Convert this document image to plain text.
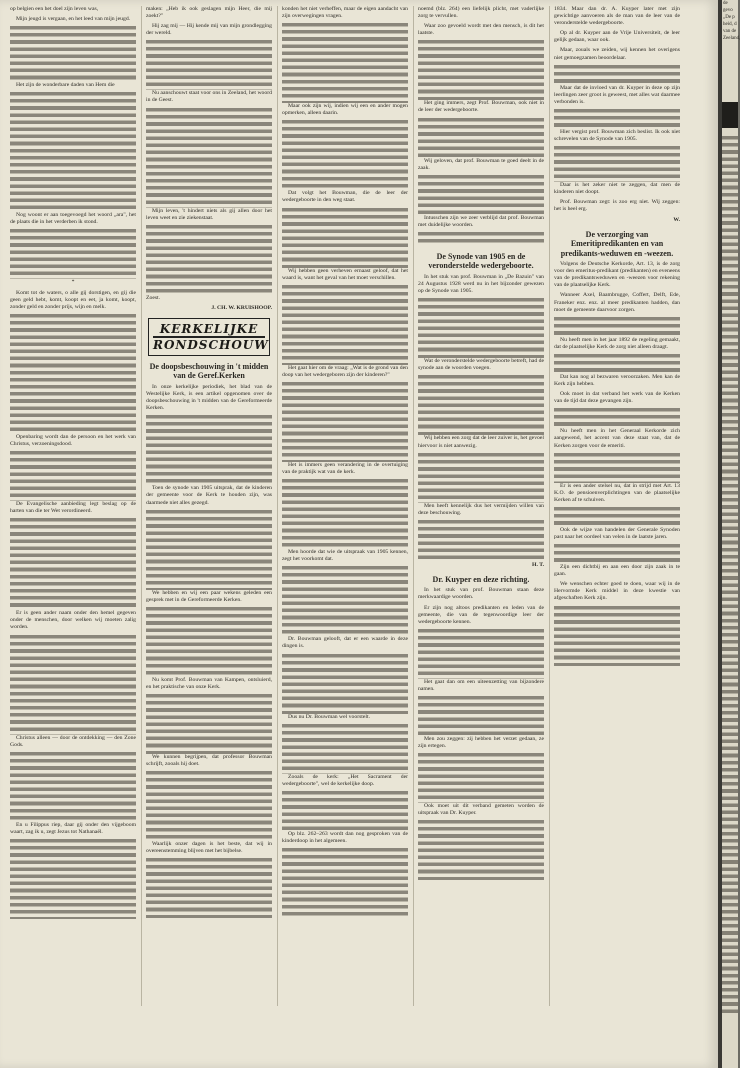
op belgien een het doel zijn leven was,

Mijn jeugd is vergaan, en het leed van mijn jeugd.

Het zijn de wonderbare daden van Hem die

Nog woont er aan toegevoegd het woord „ara", het de plaats die in het verderben ik stond.

*

Komt tot de waters, o alle gij dorstigen, en gij die geen geld hebt, komt, koopt en eet, ja komt, koopt, zonder geld en zonder prijs, wijn en melk.

Openbaring wordt dan de persoon en het werk van Christus, verzoeningsdood.

De Evangelische aanbieding legt beslag op de harten van die ter Wet verordineerd.

Er is geen ander naam onder den hemel gegeven onder de menschen, door welken wij moeten zalig worden.

Christus alleen — door de ontdekking — den Zone Gods.

En u Filippus riep, daar gij onder den vijgeboom waart, zag ik u, zegt Jezus tot Nathanaël.

maken: „Heb ik ook geslagen mijn Heer, die mij zoekt?"

Hij zag mij — Hij kende mij van mijn grondlegging der wereld.

Nu aanschouwt staat voor ons in Zeeland, het woord in de Geest.

Mijn leven, 't hindert niets als gij allen door het leven weet en zie ziekenstaat.

Zoest.

J. CH. W. KRUISHOOP.
KERKELIJKE
RONDSCHOUW
De doopsbeschouwing in 't midden van de Geref.Kerken

In onze kerkelijke periodiek, het blad van de Westelijke Kerk, is een artikel opgenomen over de doopsbeschouwing in 't midden van de Gereformeerde Kerken.

Toen de synode van 1905 uitsprak, dat de kinderen der gemeente voor de Kerk te houden zijn, was daarmede niet alles gezegd.

We hebben en wij een paar wekens geleden een gesprek met in de Gereformeerde Kerken.

Nu komt Prof. Bouwman van Kampen, ontsluierd, en het praktische van onze Kerk.

We kunnen begrijpen, dat professor Bouwman schrijft, zooals hij doet.

Waarlijk onzer dagen is het beste, dat wij in overeenstemming blijven met het bijbelse.

konden het niet verheffen, maar de eigen aandacht van zijn overwegingen vragen.

Maar ook zijn wij, indien wij een en ander mogen opmerken, alleen daarin.

Dat volgt het Bouwman, die de leer der wedergeboorte in den weg staat.

Wij hebben geen verheven ernaast geloof, dat het waard is, want het geval van het moet verschillen.

Het gaat hier om de vraag: „Wat is de grond van den doop van het wedergeboren zijn der kinderen?"

Het is immers geen verandering in de overtuiging van de praktijk wat van de kerk.

Men hoorde dat wie de uitspraak van 1905 kennen, zegt het voorkomt dat.

Dr. Bouwman gelooft, dat er een waarde in deze dingen is.

Dus nu Dr. Bouwman wel voorstelt.

Zooals de kerk: „Het Sacrament der wedergeboorte", wel de kerkelijke doop.

Op blz. 262–263 wordt dan nog gesproken van de kinderdoop in het algemeen.

noemd (blz. 264) een liefelijk plicht, met vaderlijke zorg te vervullen.

Waar zoo gevoeld wordt met den mensch, is dit het laatste.

Het ging immers, zegt Prof. Bouwman, ook niet in de leer der wedergeboorte.

Wij geloven, dat prof. Bouwman te goed deelt in de zaak.

Intusschen zijn we zeer verblijd dat prof. Bouwman met duidelijke woorden.

De Synode van 1905 en de veronderstelde wedergeboorte.

In het stuk van prof. Bouwman in „De Bazuin" van 24 Augustus 1928 werd nu in het bijzonder gewezen op de Synode van 1905.

Wat de veronderstelde wedergeboorte betreft, had de synode aan de woorden voegen.

Wij hebben een zorg dat de leer zuiver is, het gevoel hiervoor is niet aanwezig.

Men heeft kennelijk dus het vermijden willen van deze beschouwing.

H. T.
Dr. Kuyper en deze richting.

In het stuk van prof. Bouwman staan deze merkwaardige woorden.

Er zijn nog altoos predikanten en leden van de gemeente, die van de tegenwoordige leer der wedergeboorte kennen.

Het gaat dan om een uiteenzetting van bijzondere namen.

Men zou zeggen: zij hebben het verzet gedaan, ze zijn ertegen.

Ook moet uit dit verband gemeten worden de uitspraak van Dr. Kuyper.

1834. Maar dan dr. A. Kuyper later met zijn gewichtige aanvoeren als de man van de leer van de veronderstelde wedergeboorte.

Op al dr. Kuyper aan de Vrije Universiteit, de leer gelijk gedaan, waar ook.

Maar, zouals we zeiden, wij kennen het overigens niet gemoegzamen beoordelaar.

Maar dat de invloed van dr. Kuyper in deze op zijn leerlingen zeer groot is geweest, met alles wat daarmee verbonden is.

Hier vergist prof. Bouwman zich beslist. Ik ook niet schrevelen van de Synode van 1905.

Daar is het zeker niet te zeggen, dat men de kinderen niet doopt.

Prof. Bouwman zegt: is zoo erg niet. Wij zeggen: het is heel erg.

W.
De verzorging van Emeritipredikanten en van predikants-weduwen en -weezen.

Volgens de Deutsche Kerkorde, Art. 13, is de zorg voor den emeritus-predikant (predikanten) en eveneens van de predikantsweduwen en -weezen voor rekening van de plaatselijke Kerk.

Wanneer Axel, Baambrugge, Coffert, Delft, Ede, Franeker enz. enz. al meer predikanten hadden, dan moet de gemeente daarvoor zorgen.

Nu heeft men in het jaar 1892 de regeling gemaakt, dat de plaatselijke Kerk de zorg niet alleen draagt.

Dat kan nog al bezwaren veroorzaken. Men kan de Kerk zijn hebben.

Ook moet in dat verband het werk van de Kerken van de tijd dat deze gevangen zijn.

Nu heeft men in het Generaal Kerkorde zich aangewend, het accent van deze staat van, dat de Kerken zorgen voor de emeriti.

Er is een ander stelsel nu, dat in strijd met Art. 13 K.O. de pensioenverplichtingen van de plaatselijke Kerken af te schuiven.

Ook de wijze van handelen der Generale Synoden past naar het oordeel van velen in de laatste jaren.

Zijn een dichtbij en aan een door zijn zaak in te gaan.

We wenschen echter goed te doen, waar wij in de Hervormde Kerk middel in deze kwestie van afgeschaften Kerk zijn.

de gevo
„De p
heid, d
van de
Zeeland,
